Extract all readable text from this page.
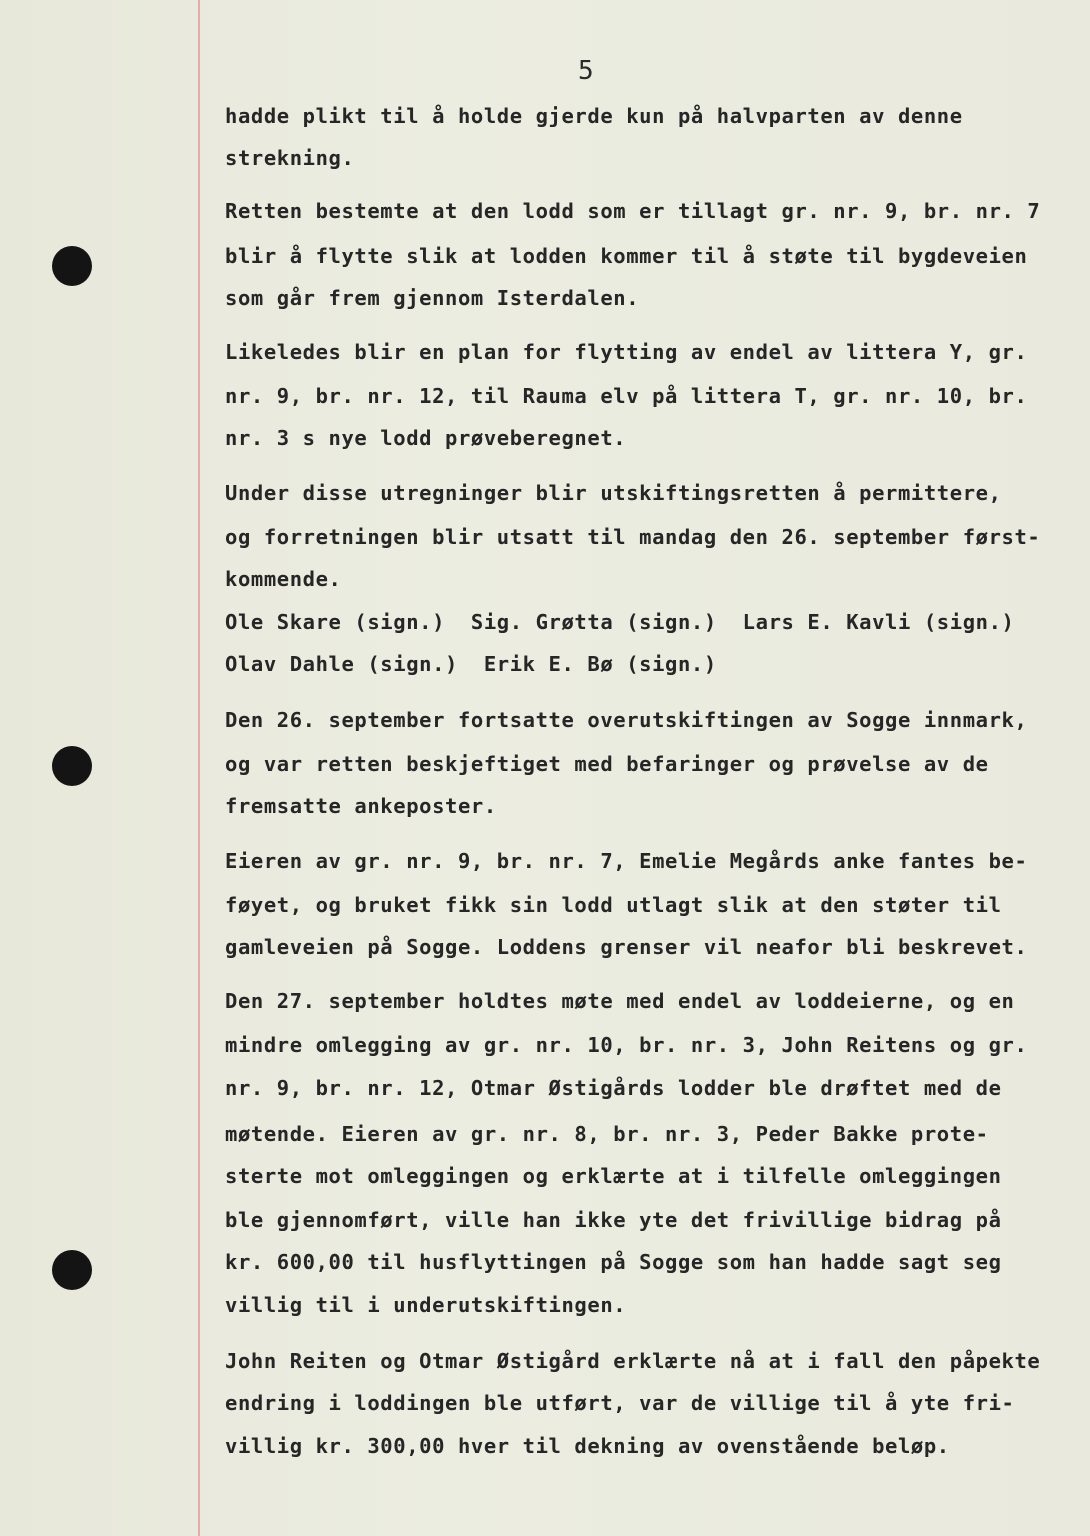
5
hadde plikt til å holde gjerde kun på halvparten av denne
strekning.
Retten bestemte at den lodd som er tillagt gr. nr. 9, br. nr. 7
blir å flytte slik at lodden kommer til å støte til bygdeveien
som går frem gjennom Isterdalen.
Likeledes blir en plan for flytting av endel av littera Y, gr.
nr. 9, br. nr. 12, til Rauma elv på littera T, gr. nr. 10, br.
nr. 3 s nye lodd prøveberegnet.
Under disse utregninger blir utskiftingsretten å permittere,
og forretningen blir utsatt til mandag den 26. september først-
kommende.
Ole Skare (sign.)  Sig. Grøtta (sign.)  Lars E. Kavli (sign.)
Olav Dahle (sign.)  Erik E. Bø (sign.)
Den 26. september fortsatte overutskiftingen av Sogge innmark,
og var retten beskjeftiget med befaringer og prøvelse av de
fremsatte ankeposter.
Eieren av gr. nr. 9, br. nr. 7, Emelie Megårds anke fantes be-
føyet, og bruket fikk sin lodd utlagt slik at den støter til
gamleveien på Sogge. Loddens grenser vil neafor bli beskrevet.
Den 27. september holdtes møte med endel av loddeierne, og en
mindre omlegging av gr. nr. 10, br. nr. 3, John Reitens og gr.
nr. 9, br. nr. 12, Otmar Østigårds lodder ble drøftet med de
møtende. Eieren av gr. nr. 8, br. nr. 3, Peder Bakke prote-
sterte mot omleggingen og erklærte at i tilfelle omleggingen
ble gjennomført, ville han ikke yte det frivillige bidrag på
kr. 600,00 til husflyttingen på Sogge som han hadde sagt seg
villig til i underutskiftingen.
John Reiten og Otmar Østigård erklærte nå at i fall den påpekte
endring i loddingen ble utført, var de villige til å yte fri-
villig kr. 300,00 hver til dekning av ovenstående beløp.
